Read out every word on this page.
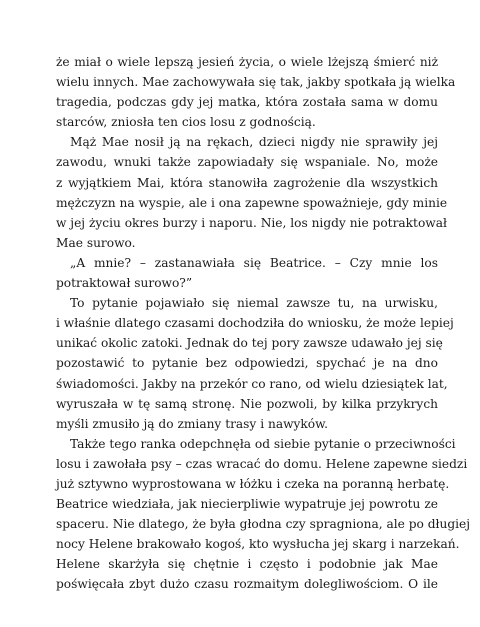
że miał o wiele lepszą jesień życia, o wiele lżejszą śmierć niż
wielu innych. Mae zachowywała się tak, jakby spotkała ją wielka
tragedia, podczas gdy jej matka, która została sama w domu
starców, zniosła ten cios losu z godnością.
Mąż Mae nosił ją na rękach, dzieci nigdy nie sprawiły jej
zawodu, wnuki także zapowiadały się wspaniale. No, może
z wyjątkiem Mai, która stanowiła zagrożenie dla wszystkich
mężczyzn na wyspie, ale i ona zapewne spoważnieje, gdy minie
w jej życiu okres burzy i naporu. Nie, los nigdy nie potraktował
Mae surowo.
„A mnie? – zastanawiała się Beatrice. – Czy mnie los
potraktował surowo?”
To pytanie pojawiało się niemal zawsze tu, na urwisku,
i właśnie dlatego czasami dochodziła do wniosku, że może lepiej
unikać okolic zatoki. Jednak do tej pory zawsze udawało jej się
pozostawić to pytanie bez odpowiedzi, spychać je na dno
świadomości. Jakby na przekór co rano, od wielu dziesiątek lat,
wyruszała w tę samą stronę. Nie pozwoli, by kilka przykrych
myśli zmusiło ją do zmiany trasy i nawyków.
Także tego ranka odepchnęła od siebie pytanie o przeciwności
losu i zawołała psy – czas wracać do domu. Helene zapewne siedzi
już sztywno wyprostowana w łóżku i czeka na poranną herbatę.
Beatrice wiedziała, jak niecierpliwie wypatruje jej powrotu ze
spaceru. Nie dlatego, że była głodna czy spragniona, ale po długiej
nocy Helene brakowało kogoś, kto wysłucha jej skarg i narzekań.
Helene skarżyła się chętnie i często i podobnie jak Mae
poświęcała zbyt dużo czasu rozmaitym dolegliwościom. O ile
